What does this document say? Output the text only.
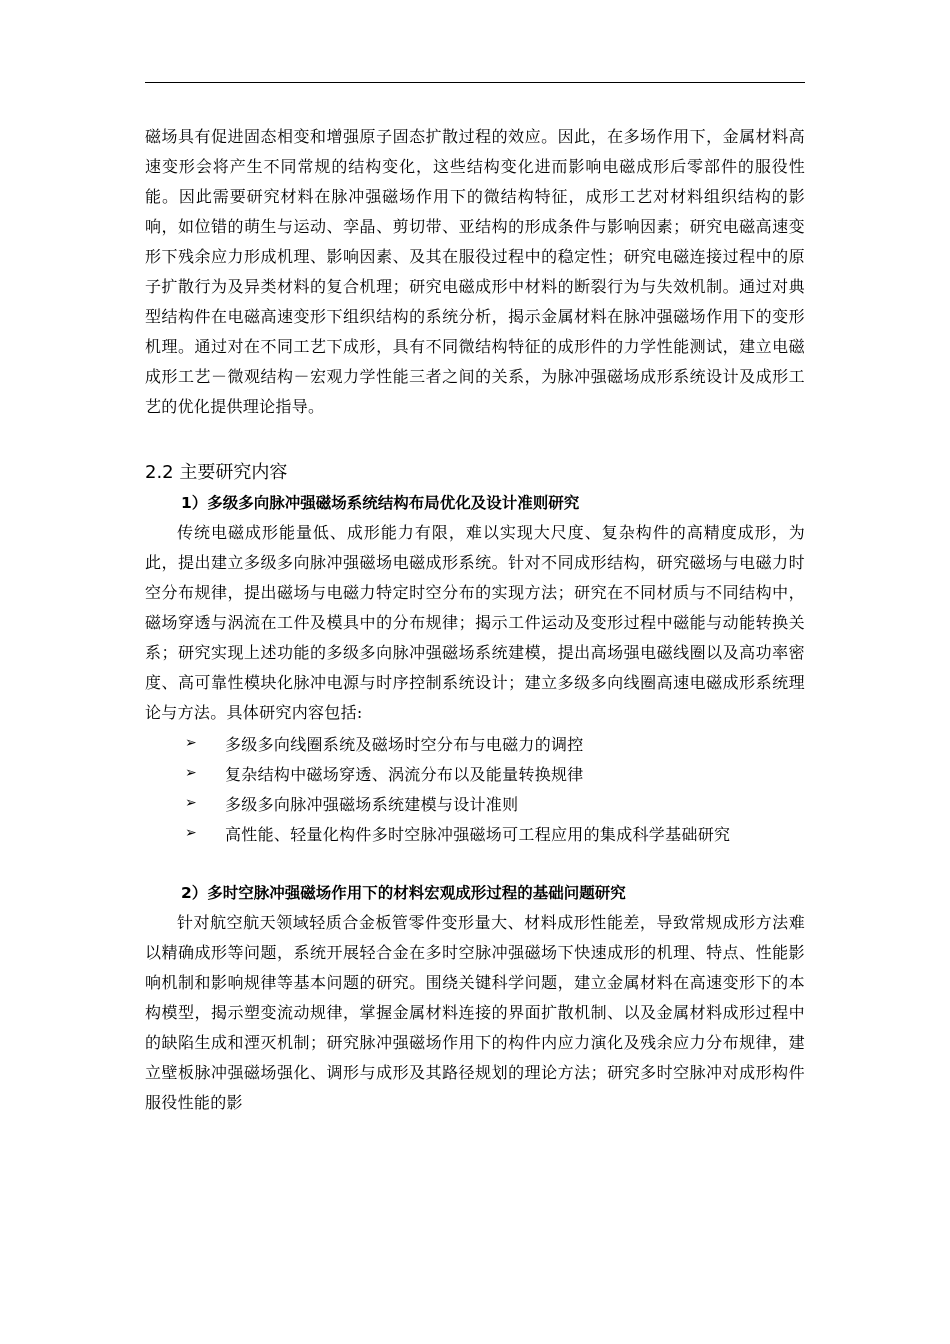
磁场具有促进固态相变和增强原子固态扩散过程的效应。因此，在多场作用下，金属材料高速变形会将产生不同常规的结构变化，这些结构变化进而影响电磁成形后零部件的服役性能。因此需要研究材料在脉冲强磁场作用下的微结构特征，成形工艺对材料组织结构的影响，如位错的萌生与运动、孪晶、剪切带、亚结构的形成条件与影响因素；研究电磁高速变形下残余应力形成机理、影响因素、及其在服役过程中的稳定性；研究电磁连接过程中的原子扩散行为及异类材料的复合机理；研究电磁成形中材料的断裂行为与失效机制。通过对典型结构件在电磁高速变形下组织结构的系统分析，揭示金属材料在脉冲强磁场作用下的变形机理。通过对在不同工艺下成形，具有不同微结构特征的成形件的力学性能测试，建立电磁成形工艺－微观结构－宏观力学性能三者之间的关系，为脉冲强磁场成形系统设计及成形工艺的优化提供理论指导。

2.2 主要研究内容
1）多级多向脉冲强磁场系统结构布局优化及设计准则研究

传统电磁成形能量低、成形能力有限，难以实现大尺度、复杂构件的高精度成形，为此，提出建立多级多向脉冲强磁场电磁成形系统。针对不同成形结构，研究磁场与电磁力时空分布规律，提出磁场与电磁力特定时空分布的实现方法；研究在不同材质与不同结构中，磁场穿透与涡流在工件及模具中的分布规律；揭示工件运动及变形过程中磁能与动能转换关系；研究实现上述功能的多级多向脉冲强磁场系统建模，提出高场强电磁线圈以及高功率密度、高可靠性模块化脉冲电源与时序控制系统设计；建立多级多向线圈高速电磁成形系统理论与方法。具体研究内容包括:

➢	多级多向线圈系统及磁场时空分布与电磁力的调控
➢	复杂结构中磁场穿透、涡流分布以及能量转换规律
➢	多级多向脉冲强磁场系统建模与设计准则
➢	高性能、轻量化构件多时空脉冲强磁场可工程应用的集成科学基础研究
2）多时空脉冲强磁场作用下的材料宏观成形过程的基础问题研究

针对航空航天领域轻质合金板管零件变形量大、材料成形性能差，导致常规成形方法难以精确成形等问题，系统开展轻合金在多时空脉冲强磁场下快速成形的机理、特点、性能影响机制和影响规律等基本问题的研究。围绕关键科学问题，建立金属材料在高速变形下的本构模型，揭示塑变流动规律，掌握金属材料连接的界面扩散机制、以及金属材料成形过程中的缺陷生成和湮灭机制；研究脉冲强磁场作用下的构件内应力演化及残余应力分布规律，建立壁板脉冲强磁场强化、调形与成形及其路径规划的理论方法；研究多时空脉冲对成形构件服役性能的影
